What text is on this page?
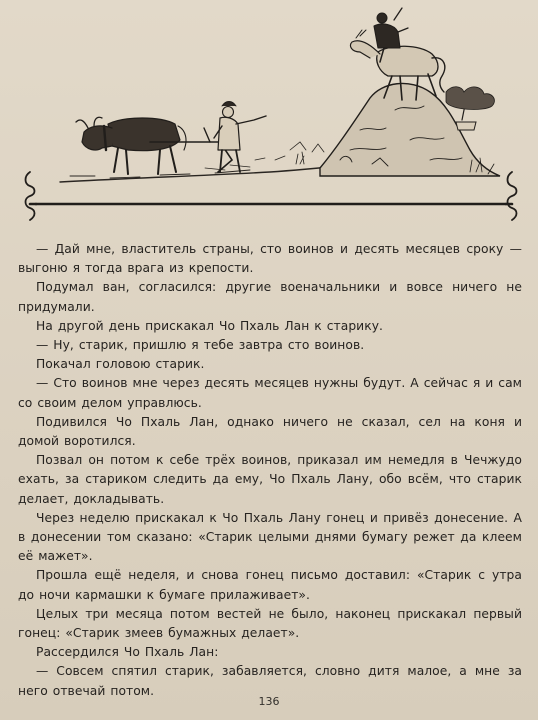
— Дай мне, властитель страны, сто воинов и десять месяцев сроку — выгоню я тогда врага из крепости.

Подумал ван, согласился: другие военачальники и вовсе ничего не придумали.

На другой день прискакал Чо Пхаль Лан к старику.

— Ну, старик, пришлю я тебе завтра сто воинов.

Покачал головою старик.

— Сто воинов мне через десять месяцев нужны будут. А сейчас я и сам со своим делом управлюсь.

Подивился Чо Пхаль Лан, однако ничего не сказал, сел на коня и домой воротился.

Позвал он потом к себе трёх воинов, приказал им немедля в Чечжудо ехать, за стариком следить да ему, Чо Пхаль Лану, обо всём, что старик делает, докладывать.

Через неделю прискакал к Чо Пхаль Лану гонец и привёз донесение. А в донесении том сказано: «Старик целыми днями бумагу режет да клеем её мажет».

Прошла ещё неделя, и снова гонец письмо доставил: «Старик с утра до ночи кармашки к бумаге прилаживает».

Целых три месяца потом вестей не было, наконец прискакал первый гонец: «Старик змеев бумажных делает».

Рассердился Чо Пхаль Лан:

— Совсем спятил старик, забавляется, словно дитя малое, а мне за него отвечай потом.

136
